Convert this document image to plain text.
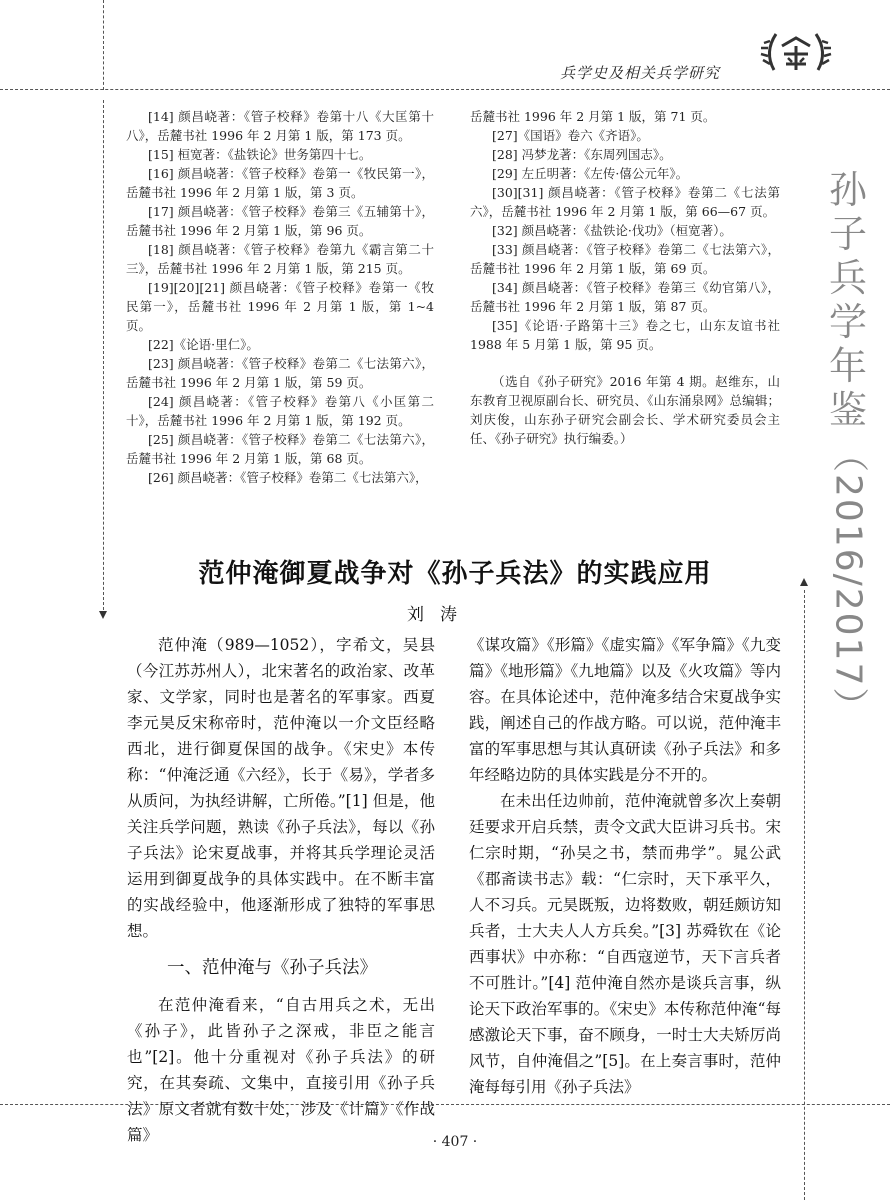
兵学史及相关兵学研究
孙
子
兵
学
年
鉴
（2016/2017）

[14] 颜昌峣著：《管子校释》卷第十八《大匡第十八》，岳麓书社 1996 年 2 月第 1 版，第 173 页。

[15] 桓宽著：《盐铁论》世务第四十七。

[16] 颜昌峣著：《管子校释》卷第一《牧民第一》，岳麓书社 1996 年 2 月第 1 版，第 3 页。

[17] 颜昌峣著：《管子校释》卷第三《五辅第十》，岳麓书社 1996 年 2 月第 1 版，第 96 页。

[18] 颜昌峣著：《管子校释》卷第九《霸言第二十三》，岳麓书社 1996 年 2 月第 1 版，第 215 页。

[19][20][21] 颜昌峣著：《管子校释》卷第一《牧民第一》，岳麓书社 1996 年 2 月第 1 版，第 1~4 页。

[22]《论语·里仁》。

[23] 颜昌峣著：《管子校释》卷第二《七法第六》，岳麓书社 1996 年 2 月第 1 版，第 59 页。

[24] 颜昌峣著：《管子校释》卷第八《小匡第二十》，岳麓书社 1996 年 2 月第 1 版，第 192 页。

[25] 颜昌峣著：《管子校释》卷第二《七法第六》，岳麓书社 1996 年 2 月第 1 版，第 68 页。

[26] 颜昌峣著：《管子校释》卷第二《七法第六》，

岳麓书社 1996 年 2 月第 1 版，第 71 页。

[27]《国语》卷六《齐语》。

[28] 冯梦龙著：《东周列国志》。

[29] 左丘明著：《左传·僖公元年》。

[30][31] 颜昌峣著：《管子校释》卷第二《七法第六》，岳麓书社 1996 年 2 月第 1 版，第 66—67 页。

[32] 颜昌峣著：《盐铁论·伐功》（桓宽著）。

[33] 颜昌峣著：《管子校释》卷第二《七法第六》，岳麓书社 1996 年 2 月第 1 版，第 69 页。

[34] 颜昌峣著：《管子校释》卷第三《幼官第八》，岳麓书社 1996 年 2 月第 1 版，第 87 页。

[35]《论语·子路第十三》卷之七，山东友谊书社 1988 年 5 月第 1 版，第 95 页。

（选自《孙子研究》2016 年第 4 期。赵维东，山东教育卫视原副台长、研究员、《山东涌泉网》总编辑；刘庆俊，山东孙子研究会副会长、学术研究委员会主任、《孙子研究》执行编委。）

范仲淹御夏战争对《孙子兵法》的实践应用
刘涛

范仲淹（989—1052），字希文，吴县（今江苏苏州人），北宋著名的政治家、改革家、文学家，同时也是著名的军事家。西夏李元昊反宋称帝时，范仲淹以一介文臣经略西北，进行御夏保国的战争。《宋史》本传称：“仲淹泛通《六经》，长于《易》，学者多从质问，为执经讲解，亡所倦。”[1] 但是，他关注兵学问题，熟读《孙子兵法》，每以《孙子兵法》论宋夏战事，并将其兵学理论灵活运用到御夏战争的具体实践中。在不断丰富的实战经验中，他逐渐形成了独特的军事思想。

一、范仲淹与《孙子兵法》

在范仲淹看来，“自古用兵之术，无出《孙子》，此皆孙子之深戒，非臣之能言也”[2]。他十分重视对《孙子兵法》的研究，在其奏疏、文集中，直接引用《孙子兵法》原文者就有数十处，涉及《计篇》《作战篇》

《谋攻篇》《形篇》《虚实篇》《军争篇》《九变篇》《地形篇》《九地篇》以及《火攻篇》等内容。在具体论述中，范仲淹多结合宋夏战争实践，阐述自己的作战方略。可以说，范仲淹丰富的军事思想与其认真研读《孙子兵法》和多年经略边防的具体实践是分不开的。

在未出任边帅前，范仲淹就曾多次上奏朝廷要求开启兵禁，责令文武大臣讲习兵书。宋仁宗时期，“孙吴之书，禁而弗学”。晁公武《郡斋读书志》载：“仁宗时，天下承平久，人不习兵。元昊既叛，边将数败，朝廷颇访知兵者，士大夫人人方兵矣。”[3] 苏舜钦在《论西事状》中亦称：“自西寇逆节，天下言兵者不可胜计。”[4] 范仲淹自然亦是谈兵言事，纵论天下政治军事的。《宋史》本传称范仲淹“每感激论天下事，奋不顾身，一时士大夫矫厉尚风节，自仲淹倡之”[5]。在上奏言事时，范仲淹每每引用《孙子兵法》

· 407 ·
